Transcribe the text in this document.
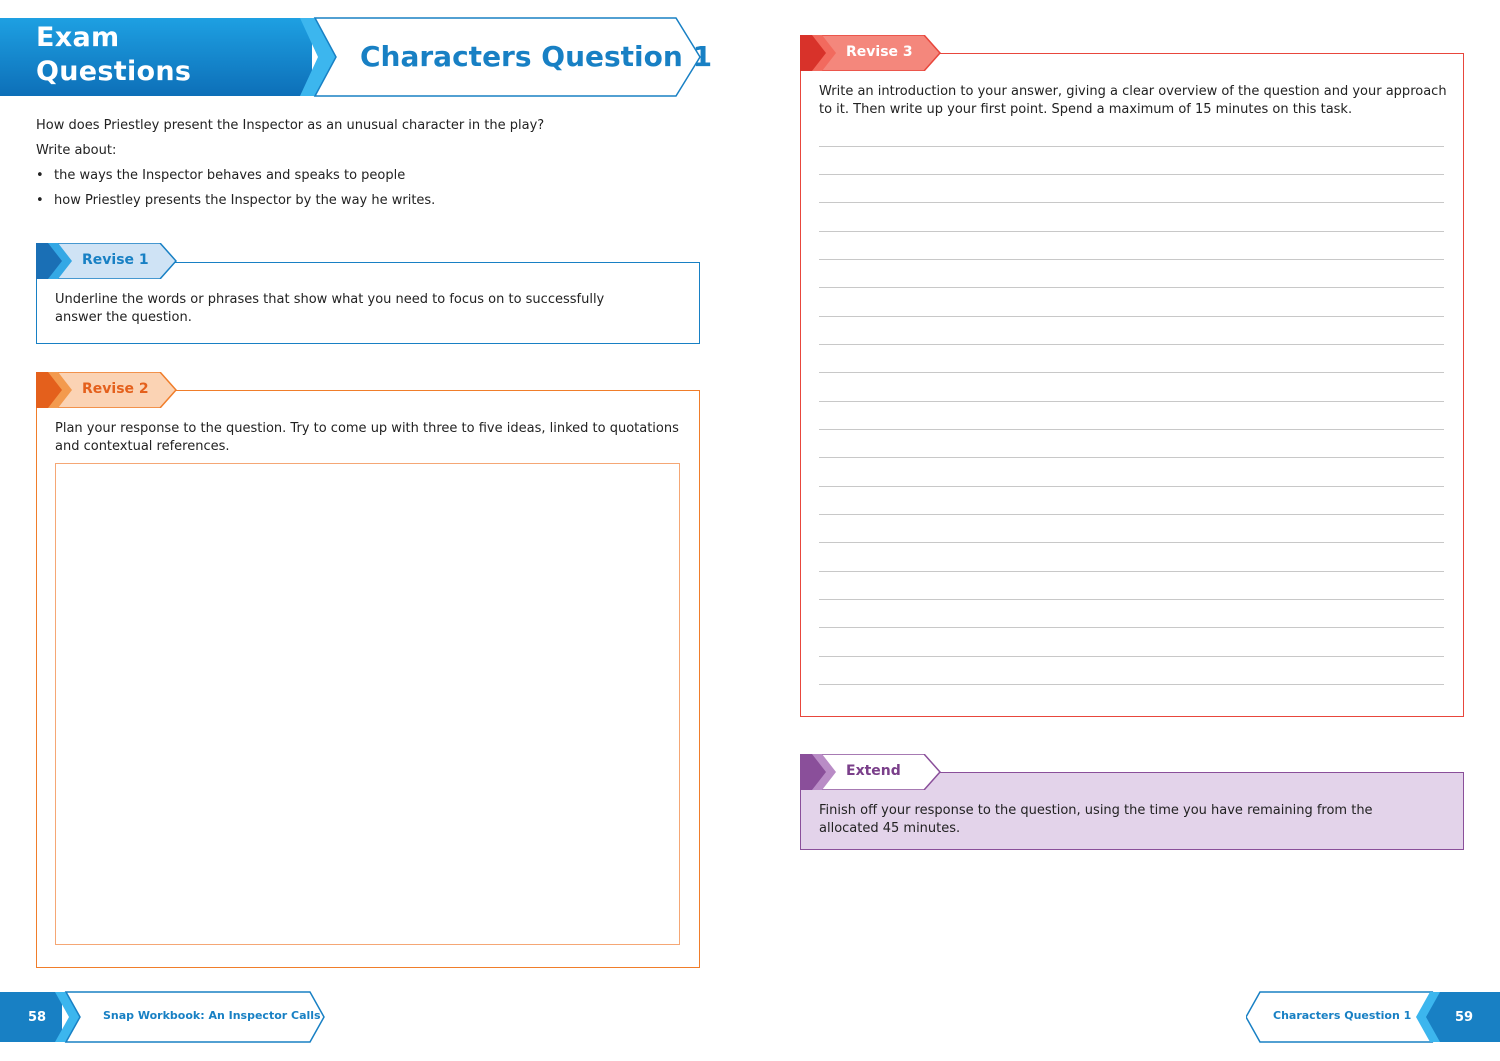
Exam
Questions	Characters Question 1
How does Priestley present the Inspector as an unusual character in the play?
Write about:
• the ways the Inspector behaves and speaks to people
• how Priestley presents the Inspector by the way he writes.
Revise 1
Underline the words or phrases that show what you need to focus on to successfully answer the question.
Revise 2
Plan your response to the question. Try to come up with three to five ideas, linked to quotations and contextual references.
Revise 3
Write an introduction to your answer, giving a clear overview of the question and your approach to it. Then write up your first point. Spend a maximum of 15 minutes on this task.
Extend
Finish off your response to the question, using the time you have remaining from the allocated 45 minutes.
58	Snap Workbook: An Inspector Calls	Characters Question 1	59
